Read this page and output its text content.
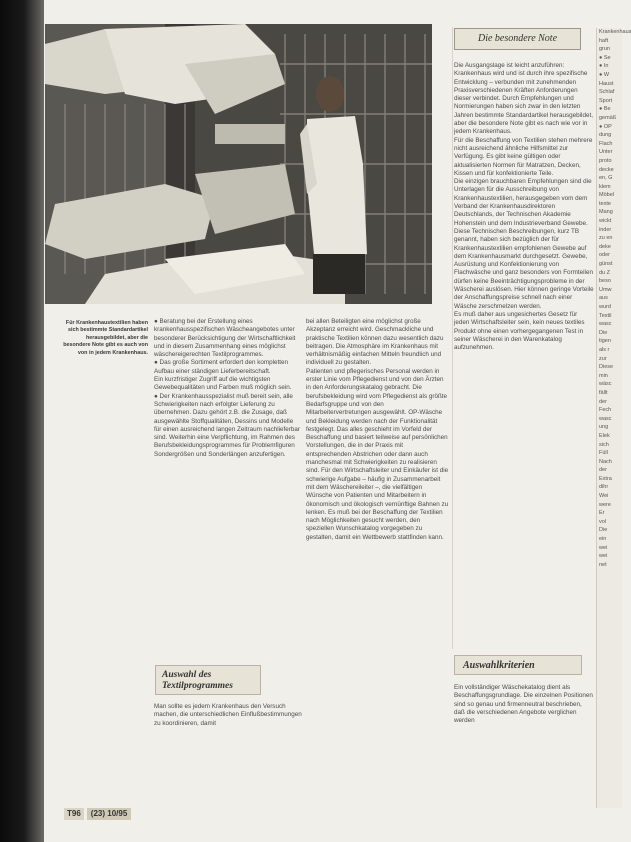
Für Krankenhaustextilien haben sich bestimmte Standardartikel herausgebildet, aber die besondere Note gibt es auch von von in jedem Krankenhaus.
Die besondere Note
Die Ausgangslage ist leicht anzuführen: Krankenhaus wird und ist durch ihre spezifische Entwicklung – verbunden mit zunehmenden Praxisverschiedenen Kräften Anforderungen dieser verbindet. Durch Empfehlungen und Normierungen haben sich zwar in den letzten Jahren bestimmte Standardartikel herausgebildet, aber die besondere Note gibt es nach wie vor in jedem Krankenhaus.
Für die Beschaffung von Textilien stehen mehrere nicht ausreichend ähnliche Hilfsmittel zur Verfügung. Es gibt keine gültigen oder aktualisierten Normen für Matratzen, Decken, Kissen und für konfektionierte Teile.
Die einzigen brauchbaren Empfehlungen sind die Unterlagen für die Ausschreibung von Krankenhaustextilien, herausgegeben vom dem Verband der Krankenhausdirektoren Deutschlands, der Technischen Akademie Hohenstein und dem Industrieverband Gewebe. Diese Technischen Beschreibungen, kurz TB genannt, haben sich bezüglich der für Krankenhaustextilien empfohlenen Gewebe auf dem Krankenhausmarkt durchgesetzt. Gewebe, Ausrüstung und Konfektionierung von Flachwäsche und ganz besonders von Formteilen dürfen keine Beeinträchtigungsprobleme in der Wäscherei auslösen. Hier können geringe Vorteile der Anschaffungspreise schnell nach einer Wäsche zerschmelzen werden.
Es muß daher aus ungesichertes Gesetz für jeden Wirtschaftsleiter sein, kein neues textiles Produkt ohne einen vorhergegangenen Test in seiner Wäscherei in den Warenkatalog aufzunehmen.
● Beratung bei der Erstellung eines krankenhausspezifischen Wäscheangebotes unter besonderer Berücksichtigung der Wirtschaftlichkeit und in diesem Zusammenhang eines möglichst wäschereigerechten Textilprogrammes.
● Das große Sortiment erfordert den kompletten Aufbau einer ständigen Lieferbereitschaft.
Ein kurzfristiger Zugriff auf die wichtigsten Gewebequalitäten und Farben muß möglich sein.
● Der Krankenhausspezialist muß bereit sein, alle Schwierigkeiten nach erfolgter Lieferung zu übernehmen. Dazu gehört z.B. die Zusage, daß ausgewählte Stoffqualitäten, Dessins und Modelle für einen ausreichend langen Zeitraum nachlieferbar sind. Weiterhin eine Verpflichtung, im Rahmen des Berufsbekleidungsprogrammes für Problemfiguren Sondergrößen und Sonderlängen anzufertigen.
Auswahl des Textilprogrammes
Man sollte es jedem Krankenhaus den Versuch machen, die unterschiedlichen Einflußbestimmungen zu koordinieren, damit
bei allen Beteiligten eine möglichst große Akzeptanz erreicht wird. Geschmackliche und praktische Textilien können dazu wesentlich dazu beitragen. Die Atmosphäre im Krankenhaus mit verhältnismäßig einfachen Mitteln freundlich und individuell zu gestalten.
Patienten und pflegerisches Personal werden in erster Linie vom Pflegedienst und von den Ärzten in den Anforderungskatalog gebracht. Die berufsbekleidung wird vom Pflegedienst als größte Bedarfsgruppe und von den Mitarbeitervertretungen ausgewählt. OP-Wäsche und Bekleidung werden nach der Funktionalität festgelegt. Das alles geschieht im Vorfeld der Beschaffung und basiert teilweise auf persönlichen Vorstellungen, die in der Praxis mit entsprechenden Abstrichen oder dann auch manchesmal mit Schwierigkeiten zu realisieren sind. Für den Wirtschaftsleiter und Einkäufer ist die schwierige Aufgabe – häufig in Zusammenarbeit mit dem Wäschereileiter –, die vielfältigen Wünsche von Patienten und Mitarbeitern in ökonomisch und ökologisch vernünftige Bahnen zu lenken. Es muß bei der Beschaffung der Textilien nach Möglichkeiten gesucht werden, den speziellen Wunschkatalog vorgegeben zu gestalten, damit ein Wettbewerb stattfinden kann.
Auswahlkriterien
Ein vollständiger Wäschekatalog dient als Beschaffungsgrundlage. Die einzelnen Positionen sind so genau und firmenneutral beschrieben, daß die verschiedenen Angebote verglichen werden
Krankenhaus
haft
grun
● Se
● In
● W
Haust
Schlaf
Sport
● Be
gemäß
● OP
dung
Flach
Unter
proto
decke
en, G
klem
Möbel
texte
Mang
wickt
inder
zu en
deke
oder
günst
du Z
beso
Umw
aus
wurd
Textil
wasc
Die
tigen
als r
zur
Diese
min
wäsc
fällt
der
Fech
wasc
ung
Elek
sich
Füll
Nach
der
Extra
dihr
Wei
were
Er
vol
Die
ein
wei
wei
net
T96 (23) 10/95
